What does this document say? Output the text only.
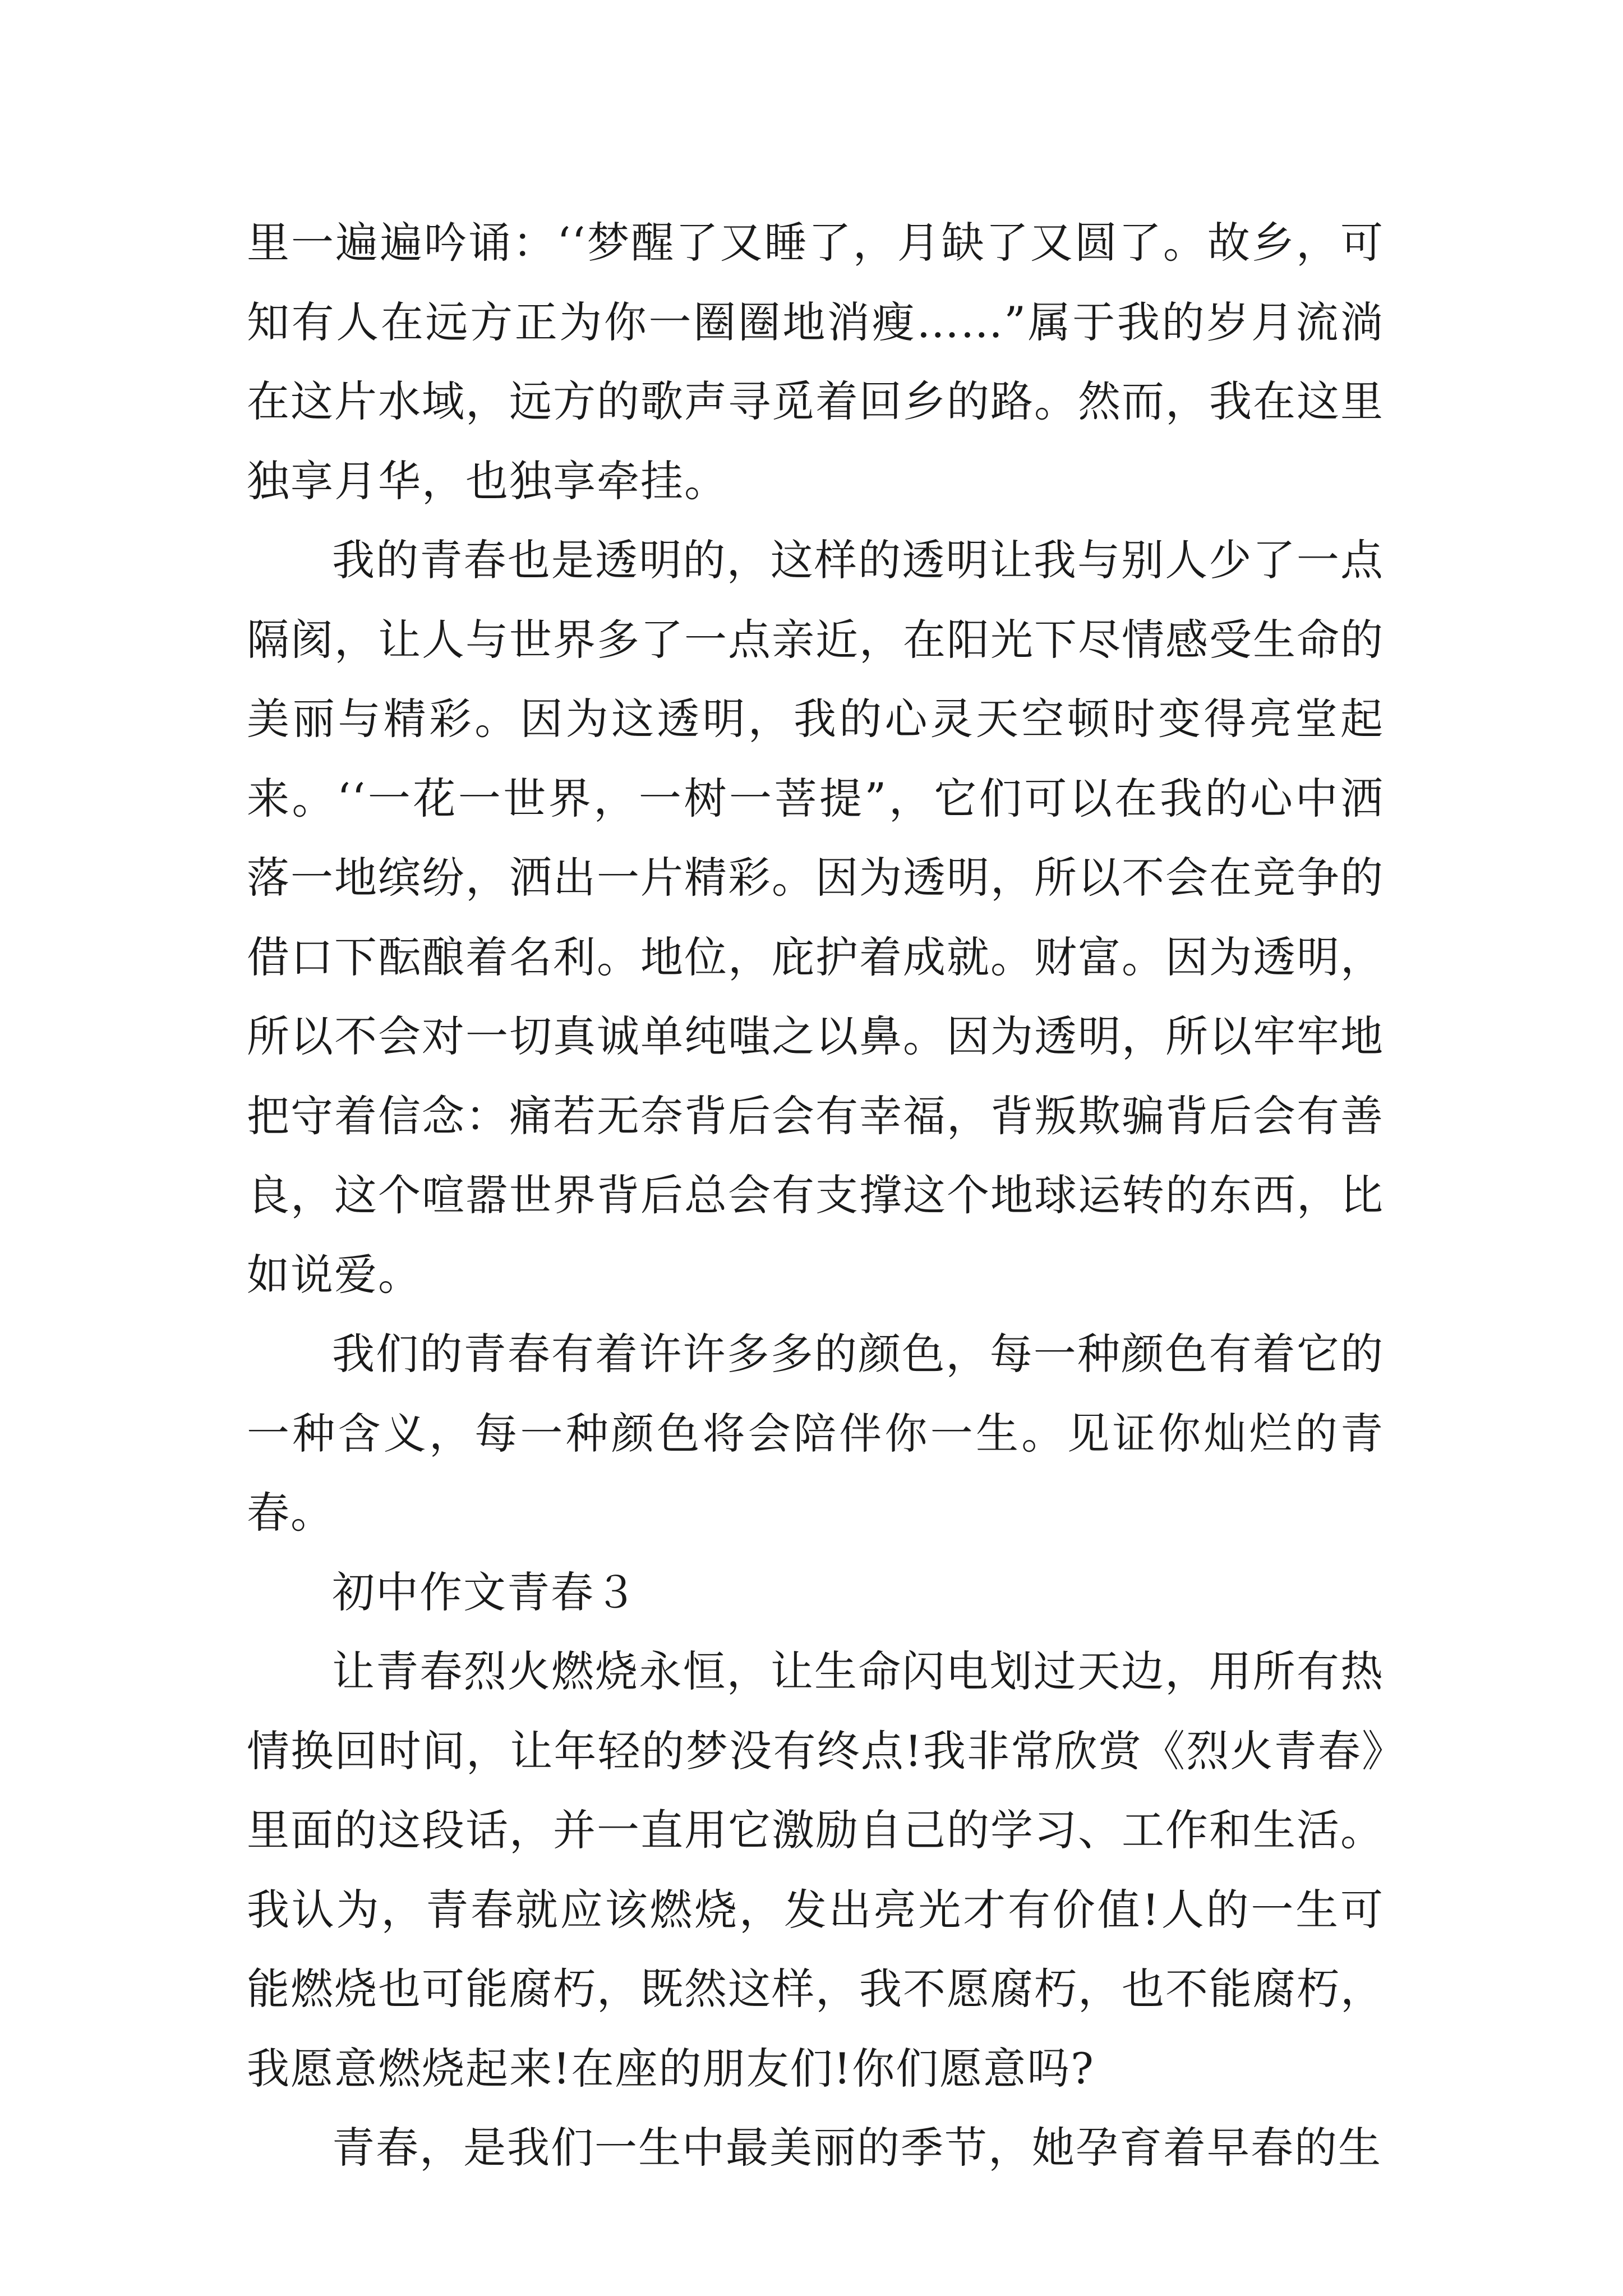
里一遍遍吟诵：‘‘梦醒了又睡了，月缺了又圆了。故乡，可知有人在远方正为你一圈圈地消瘦……”属于我的岁月流淌在这片水域，远方的歌声寻觅着回乡的路。然而，我在这里独享月华，也独享牵挂。

我的青春也是透明的，这样的透明让我与别人少了一点隔阂，让人与世界多了一点亲近，在阳光下尽情感受生命的美丽与精彩。因为这透明，我的心灵天空顿时变得亮堂起来。‘‘一花一世界，一树一菩提”，它们可以在我的心中洒落一地缤纷，洒出一片精彩。因为透明，所以不会在竞争的借口下酝酿着名利。地位，庇护着成就。财富。因为透明，所以不会对一切真诚单纯嗤之以鼻。因为透明，所以牢牢地把守着信念：痛若无奈背后会有幸福，背叛欺骗背后会有善良，这个喧嚣世界背后总会有支撑这个地球运转的东西，比如说爱。

我们的青春有着许许多多的颜色，每一种颜色有着它的一种含义，每一种颜色将会陪伴你一生。见证你灿烂的青春。

初中作文青春３

让青春烈火燃烧永恒，让生命闪电划过天边，用所有热情换回时间，让年轻的梦没有终点!我非常欣赏《烈火青春》里面的这段话，并一直用它激励自己的学习、工作和生活。我认为，青春就应该燃烧，发出亮光才有价值!人的一生可能燃烧也可能腐朽，既然这样，我不愿腐朽，也不能腐朽，我愿意燃烧起来!在座的朋友们!你们愿意吗?

青春，是我们一生中最美丽的季节，她孕育着早春的生
